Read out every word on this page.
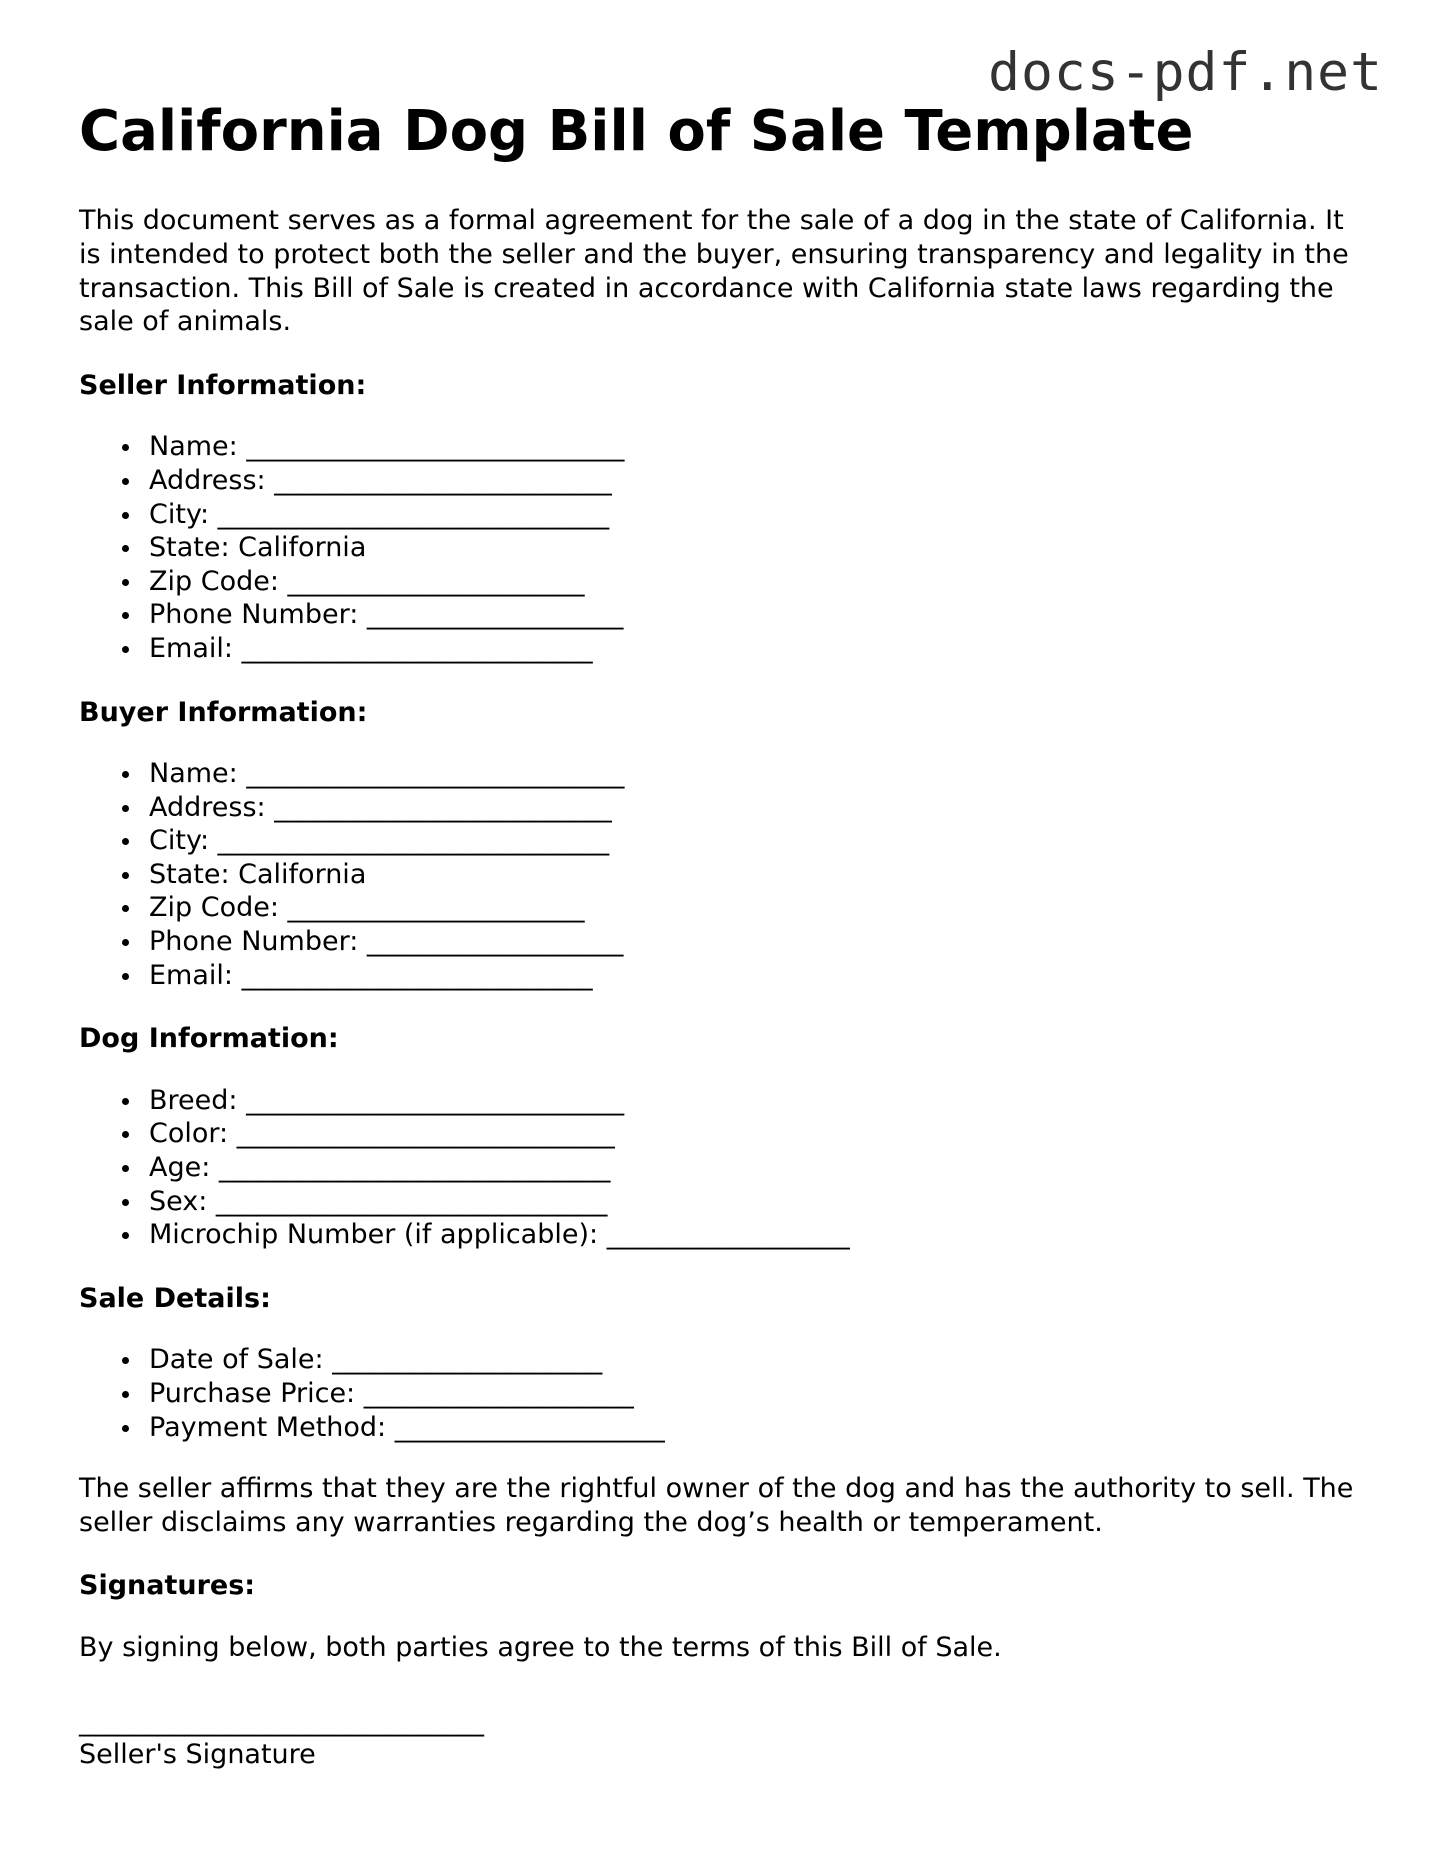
docs-pdf.net
California Dog Bill of Sale Template

This document serves as a formal agreement for the sale of a dog in the state of California. It is intended to protect both the seller and the buyer, ensuring transparency and legality in the transaction. This Bill of Sale is created in accordance with California state laws regarding the sale of animals.

Seller Information:
Name: ____________________________
Address: _________________________
City: _____________________________
State: California
Zip Code: ______________________
Phone Number: ___________________
Email: __________________________
Buyer Information:
Name: ____________________________
Address: _________________________
City: _____________________________
State: California
Zip Code: ______________________
Phone Number: ___________________
Email: __________________________
Dog Information:
Breed: ____________________________
Color: ____________________________
Age: _____________________________
Sex: _____________________________
Microchip Number (if applicable): __________________
Sale Details:
Date of Sale: ____________________
Purchase Price: ____________________
Payment Method: ____________________

The seller affirms that they are the rightful owner of the dog and has the authority to sell. The seller disclaims any warranties regarding the dog’s health or temperament.

Signatures:

By signing below, both parties agree to the terms of this Bill of Sale.

______________________________
Seller's Signature
